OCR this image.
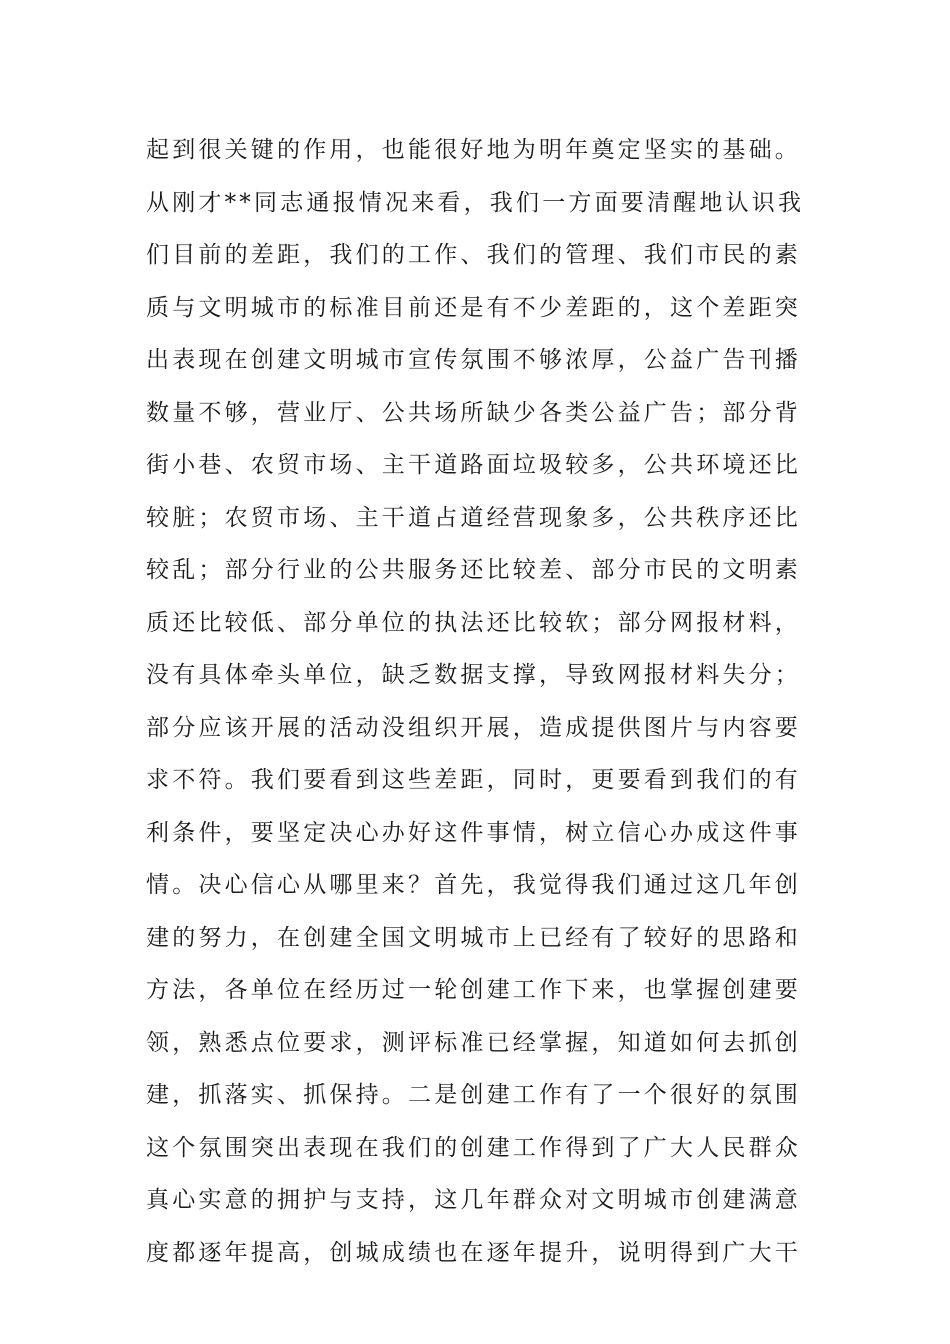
起到很关键的作用，也能很好地为明年奠定坚实的基础。
从刚才**同志通报情况来看，我们一方面要清醒地认识我
们目前的差距，我们的工作、我们的管理、我们市民的素
质与文明城市的标准目前还是有不少差距的，这个差距突
出表现在创建文明城市宣传氛围不够浓厚，公益广告刊播
数量不够，营业厅、公共场所缺少各类公益广告；部分背
街小巷、农贸市场、主干道路面垃圾较多，公共环境还比
较脏；农贸市场、主干道占道经营现象多，公共秩序还比
较乱；部分行业的公共服务还比较差、部分市民的文明素
质还比较低、部分单位的执法还比较软；部分网报材料，
没有具体牵头单位，缺乏数据支撑，导致网报材料失分；
部分应该开展的活动没组织开展，造成提供图片与内容要
求不符。我们要看到这些差距，同时，更要看到我们的有
利条件，要坚定决心办好这件事情，树立信心办成这件事
情。决心信心从哪里来？首先，我觉得我们通过这几年创
建的努力，在创建全国文明城市上已经有了较好的思路和
方法，各单位在经历过一轮创建工作下来，也掌握创建要
领，熟悉点位要求，测评标准已经掌握，知道如何去抓创
建，抓落实、抓保持。二是创建工作有了一个很好的氛围
这个氛围突出表现在我们的创建工作得到了广大人民群众
真心实意的拥护与支持，这几年群众对文明城市创建满意
度都逐年提高，创城成绩也在逐年提升，说明得到广大干
